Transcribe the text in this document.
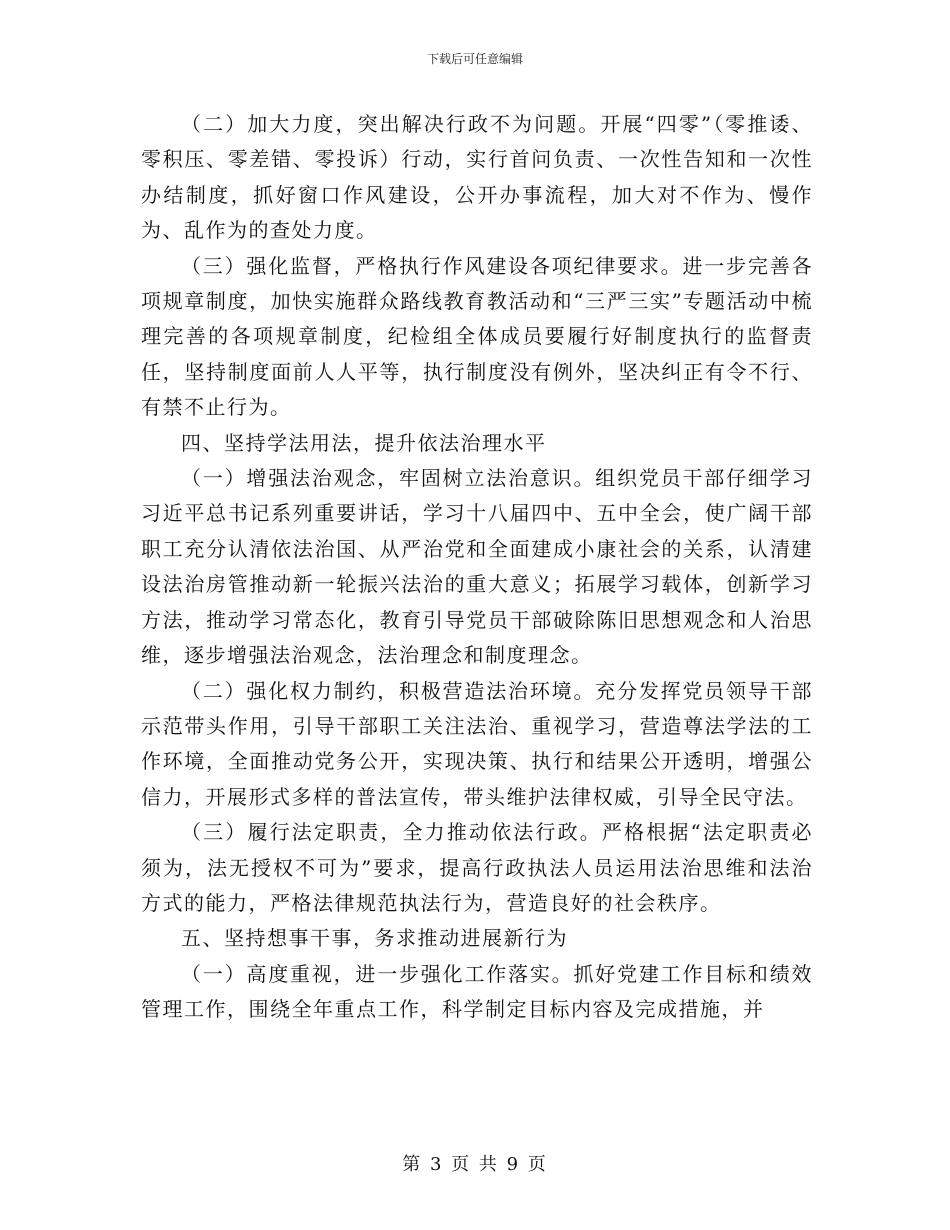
下载后可任意编辑

（二）加大力度，突出解决行政不为问题。开展“四零”（零推诿、零积压、零差错、零投诉）行动，实行首问负责、一次性告知和一次性办结制度，抓好窗口作风建设，公开办事流程，加大对不作为、慢作为、乱作为的查处力度。

（三）强化监督，严格执行作风建设各项纪律要求。进一步完善各项规章制度，加快实施群众路线教育教活动和“三严三实”专题活动中梳理完善的各项规章制度，纪检组全体成员要履行好制度执行的监督责任，坚持制度面前人人平等，执行制度没有例外，坚决纠正有令不行、有禁不止行为。

四、坚持学法用法，提升依法治理水平

（一）增强法治观念，牢固树立法治意识。组织党员干部仔细学习习近平总书记系列重要讲话，学习十八届四中、五中全会，使广阔干部职工充分认清依法治国、从严治党和全面建成小康社会的关系，认清建设法治房管推动新一轮振兴法治的重大意义；拓展学习载体，创新学习方法，推动学习常态化，教育引导党员干部破除陈旧思想观念和人治思维，逐步增强法治观念，法治理念和制度理念。

（二）强化权力制约，积极营造法治环境。充分发挥党员领导干部示范带头作用，引导干部职工关注法治、重视学习，营造尊法学法的工作环境，全面推动党务公开，实现决策、执行和结果公开透明，增强公信力，开展形式多样的普法宣传，带头维护法律权威，引导全民守法。

（三）履行法定职责，全力推动依法行政。严格根据“法定职责必须为，法无授权不可为”要求，提高行政执法人员运用法治思维和法治方式的能力，严格法律规范执法行为，营造良好的社会秩序。

五、坚持想事干事，务求推动进展新行为

（一）高度重视，进一步强化工作落实。抓好党建工作目标和绩效管理工作，围绕全年重点工作，科学制定目标内容及完成措施，并

第 3 页 共 9 页
